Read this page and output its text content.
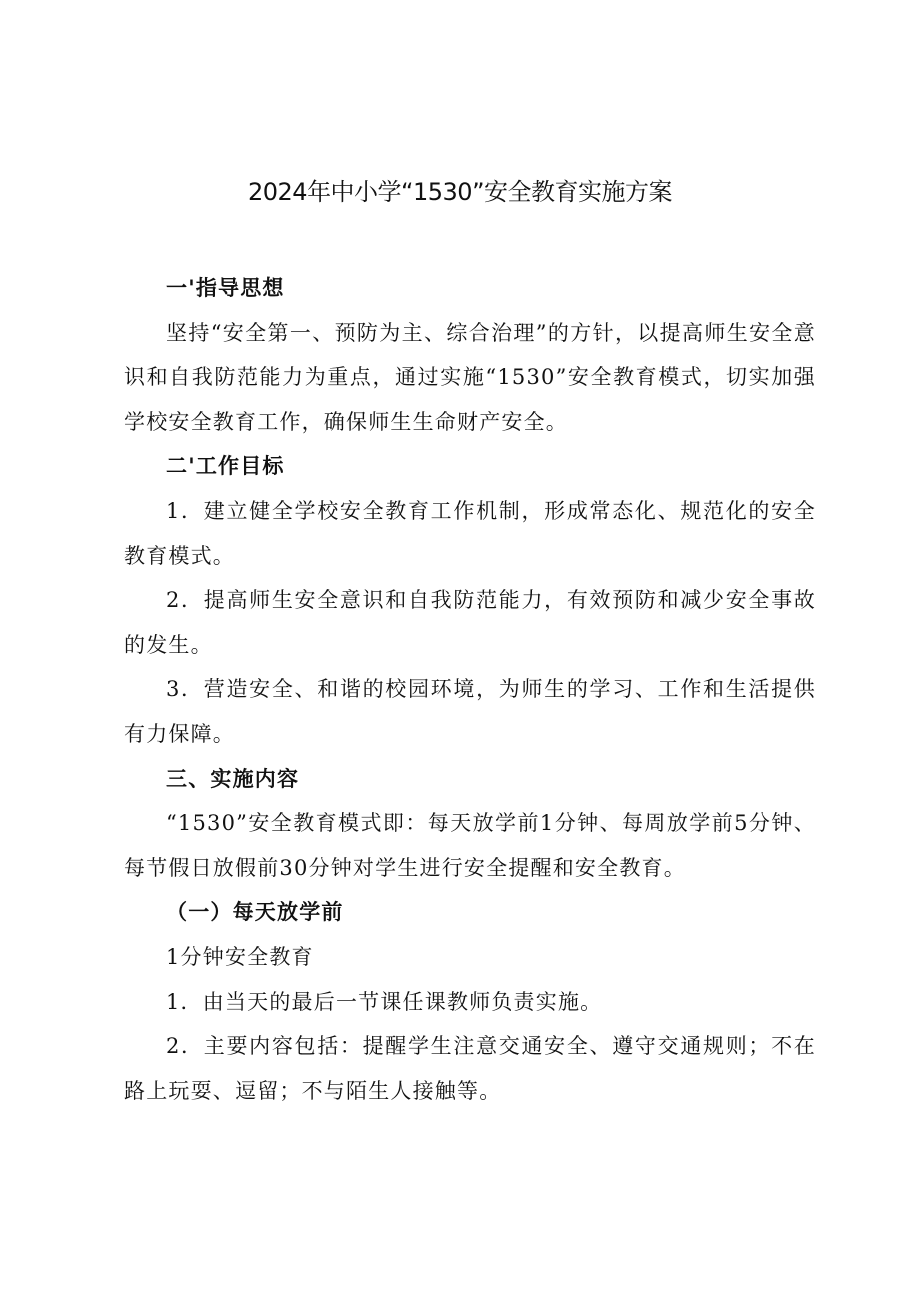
2024年中小学“1530”安全教育实施方案

一'指导思想

坚持“安全第一、预防为主、综合治理”的方针，以提高师生安全意识和自我防范能力为重点，通过实施“1530”安全教育模式，切实加强学校安全教育工作，确保师生生命财产安全。

二'工作目标

1．建立健全学校安全教育工作机制，形成常态化、规范化的安全教育模式。

2．提高师生安全意识和自我防范能力，有效预防和减少安全事故的发生。

3．营造安全、和谐的校园环境，为师生的学习、工作和生活提供有力保障。

三、实施内容

“1530”安全教育模式即：每天放学前1分钟、每周放学前5分钟、每节假日放假前30分钟对学生进行安全提醒和安全教育。

（一）每天放学前

1分钟安全教育

1．由当天的最后一节课任课教师负责实施。

2．主要内容包括：提醒学生注意交通安全、遵守交通规则；不在路上玩耍、逗留；不与陌生人接触等。
